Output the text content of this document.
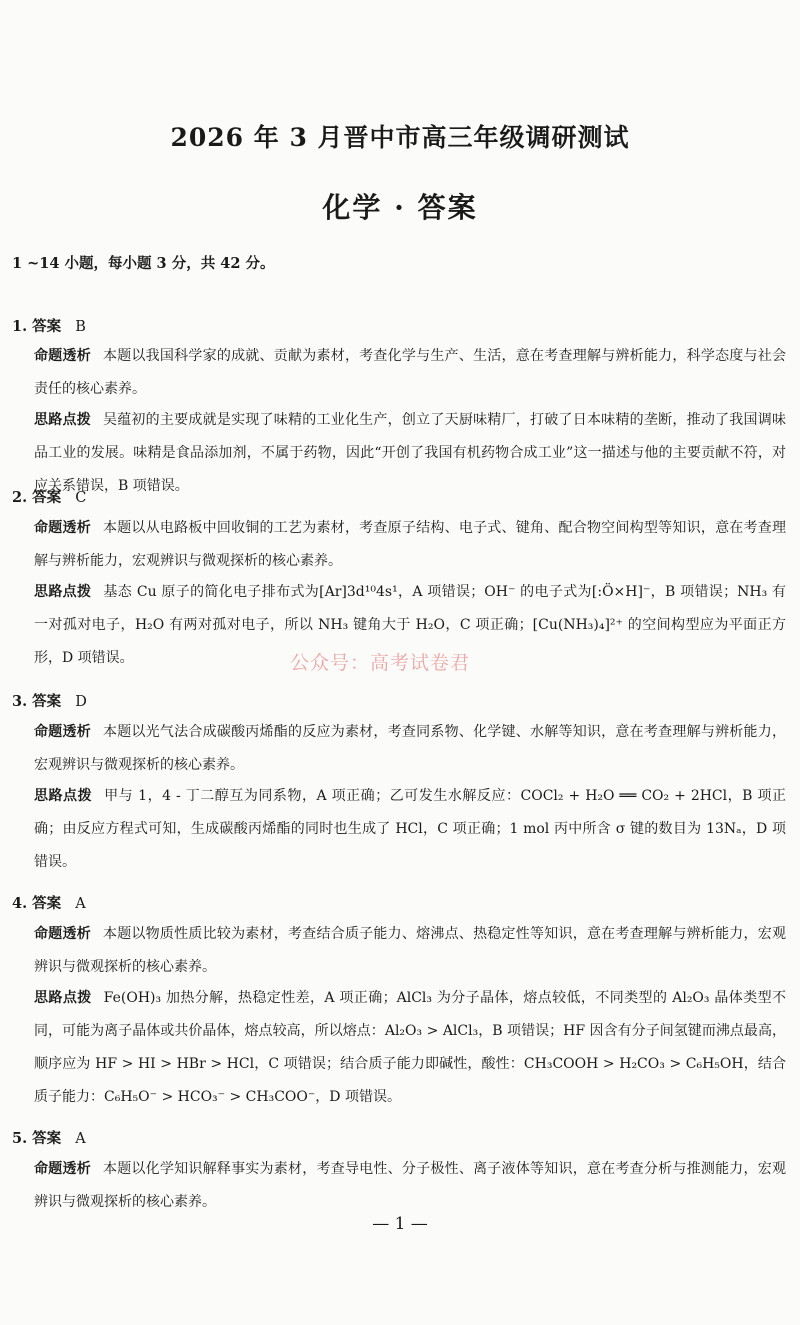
2026 年 3 月晋中市高三年级调研测试
化学 · 答案
1 ~14 小题，每小题 3 分，共 42 分。
1. 答案 B

命题透析 本题以我国科学家的成就、贡献为素材，考查化学与生产、生活，意在考查理解与辨析能力，科学态度与社会责任的核心素养。

思路点拨 吴蕴初的主要成就是实现了味精的工业化生产，创立了天厨味精厂，打破了日本味精的垄断，推动了我国调味品工业的发展。味精是食品添加剂，不属于药物，因此“开创了我国有机药物合成工业”这一描述与他的主要贡献不符，对应关系错误，B 项错误。

2. 答案 C

命题透析 本题以从电路板中回收铜的工艺为素材，考查原子结构、电子式、键角、配合物空间构型等知识，意在考查理解与辨析能力，宏观辨识与微观探析的核心素养。

思路点拨 基态 Cu 原子的简化电子排布式为[Ar]3d¹⁰4s¹，A 项错误；OH⁻ 的电子式为[:Ö×H]⁻，B 项错误；NH₃ 有一对孤对电子，H₂O 有两对孤对电子，所以 NH₃ 键角大于 H₂O，C 项正确；[Cu(NH₃)₄]²⁺ 的空间构型应为平面正方形，D 项错误。

3. 答案 D

命题透析 本题以光气法合成碳酸丙烯酯的反应为素材，考查同系物、化学键、水解等知识，意在考查理解与辨析能力，宏观辨识与微观探析的核心素养。

思路点拨 甲与 1，4 - 丁二醇互为同系物，A 项正确；乙可发生水解反应：COCl₂ + H₂O ══ CO₂ + 2HCl，B 项正确；由反应方程式可知，生成碳酸丙烯酯的同时也生成了 HCl，C 项正确；1 mol 丙中所含 σ 键的数目为 13Nₐ，D 项错误。

4. 答案 A

命题透析 本题以物质性质比较为素材，考查结合质子能力、熔沸点、热稳定性等知识，意在考查理解与辨析能力，宏观辨识与微观探析的核心素养。

思路点拨 Fe(OH)₃ 加热分解，热稳定性差，A 项正确；AlCl₃ 为分子晶体，熔点较低，不同类型的 Al₂O₃ 晶体类型不同，可能为离子晶体或共价晶体，熔点较高，所以熔点：Al₂O₃ > AlCl₃，B 项错误；HF 因含有分子间氢键而沸点最高，顺序应为 HF > HI > HBr > HCl，C 项错误；结合质子能力即碱性，酸性：CH₃COOH > H₂CO₃ > C₆H₅OH，结合质子能力：C₆H₅O⁻ > HCO₃⁻ > CH₃COO⁻，D 项错误。

5. 答案 A

命题透析 本题以化学知识解释事实为素材，考查导电性、分子极性、离子液体等知识，意在考查分析与推测能力，宏观辨识与微观探析的核心素养。

公众号：高考试卷君
— 1 —
